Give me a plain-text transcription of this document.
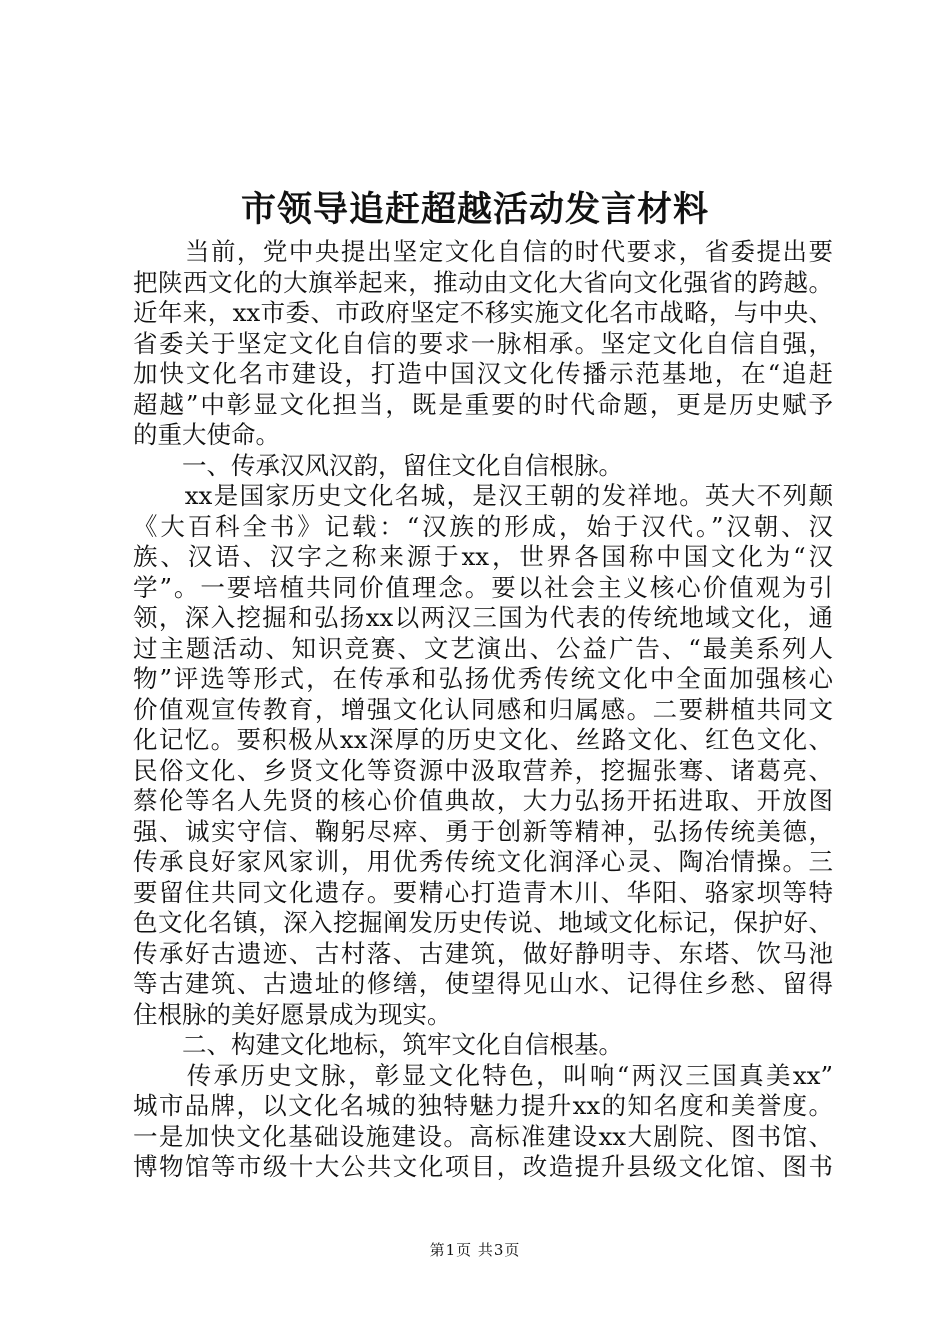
市领导追赶超越活动发言材料
　　当前，党中央提出坚定文化自信的时代要求，省委提出要
把陕西文化的大旗举起来，推动由文化大省向文化强省的跨越。
近年来，xx市委、市政府坚定不移实施文化名市战略，与中央、
省委关于坚定文化自信的要求一脉相承。坚定文化自信自强，
加快文化名市建设，打造中国汉文化传播示范基地，在“追赶
超越”中彰显文化担当，既是重要的时代命题，更是历史赋予
的重大使命。
　　一、传承汉风汉韵，留住文化自信根脉。
　　xx是国家历史文化名城，是汉王朝的发祥地。英大不列颠
《大百科全书》记载：“汉族的形成，始于汉代。”汉朝、汉
族、汉语、汉字之称来源于xx，世界各国称中国文化为“汉
学”。一要培植共同价值理念。要以社会主义核心价值观为引
领，深入挖掘和弘扬xx以两汉三国为代表的传统地域文化，通
过主题活动、知识竞赛、文艺演出、公益广告、“最美系列人
物”评选等形式，在传承和弘扬优秀传统文化中全面加强核心
价值观宣传教育，增强文化认同感和归属感。二要耕植共同文
化记忆。要积极从xx深厚的历史文化、丝路文化、红色文化、
民俗文化、乡贤文化等资源中汲取营养，挖掘张骞、诸葛亮、
蔡伦等名人先贤的核心价值典故，大力弘扬开拓进取、开放图
强、诚实守信、鞠躬尽瘁、勇于创新等精神，弘扬传统美德，
传承良好家风家训，用优秀传统文化润泽心灵、陶冶情操。三
要留住共同文化遗存。要精心打造青木川、华阳、骆家坝等特
色文化名镇，深入挖掘阐发历史传说、地域文化标记，保护好、
传承好古遗迹、古村落、古建筑，做好静明寺、东塔、饮马池
等古建筑、古遗址的修缮，使望得见山水、记得住乡愁、留得
住根脉的美好愿景成为现实。
　　二、构建文化地标，筑牢文化自信根基。
　　传承历史文脉，彰显文化特色，叫响“两汉三国真美xx”
城市品牌，以文化名城的独特魅力提升xx的知名度和美誉度。
一是加快文化基础设施建设。高标准建设xx大剧院、图书馆、
博物馆等市级十大公共文化项目，改造提升县级文化馆、图书
第1页 共3页
